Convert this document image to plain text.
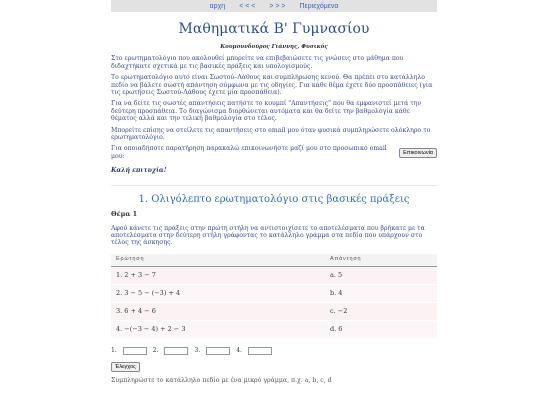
αρχη < < < > > > Περιεχόμενα
Μαθηματικά Β' Γυμνασίου
Κουμουνδούρος Γιάννης, Φυσικός
Στο ερωτηματολόγιο που ακολουθεί μπορείτε να επιβεβαιώσετε τις γνώσεις στο μάθημα που διδαχτήκατε σχετικά με τις βασικές πράξεις και υπολογισμούς.
Το ερωτηματολόγιο αυτό είναι Σωστού–Λάθους και συμπλήρωσης κενού. Θα πρέπει στο κατάλληλο πεδίο να βάλετε σωστή απάντηση σύμφωνα με τις οδηγίες. Για κάθε θέμα έχετε δύο προσπάθειες (για τις ερωτήσεις Σωστού-Λάθους έχετε μία προσπάθεια).
Για να δείτε τις σωστές απαντήσεις πατήστε το κουμπί "Απαντήσεις" που θα εμφανιστεί μετά την δεύτερη προσπάθεια. Το διαγώνισμα διορθώνεται αυτόματα και θα δείτε την βαθμολογία κάθε θέματος αλλά και την τελική βαθμολογία στο τέλος.
Μπορείτε επίσης να στείλετε τις απαντήσεις στο email μου όταν φυσικά συμπληρώσετε ολόκληρο το ερωτηματολόγιο.
Για οποιαδήποτε παρατήρηση παρακαλώ επικοινωνήστε μαζί μου στο προσωπικό email μου:	Επικοινωνία
Καλή επιτυχία!
1. Ολιγόλεπτο ερωτηματολόγιο στις βασικές πράξεις
Θέμα 1
Αφού κάνετε τις πράξεις στην πρώτη στήλη να αντιστοιχίσετε το αποτελέσματα που βρήκατε με τα αποτελέσματα στην δεύτερη στήλη γράφοντας το κατάλληλο γράμμα στα πεδία που υπάρχουν στο τέλος της άσκησης.
Ερώτηση	Απάντηση
1. 2 + 3 − 7	a. 5
2. 3 − 5 − (−3) + 4	b. 4
3. 6 + 4 − 6	c. −2
4. −(−3 − 4) + 2 − 3	d. 6
1.	2.	3.	4.
Έλεγχος
Συμπληρώστε το κατάλληλο πεδίο με ένα μικρό γράμμα, π.χ. a, b, c, d
